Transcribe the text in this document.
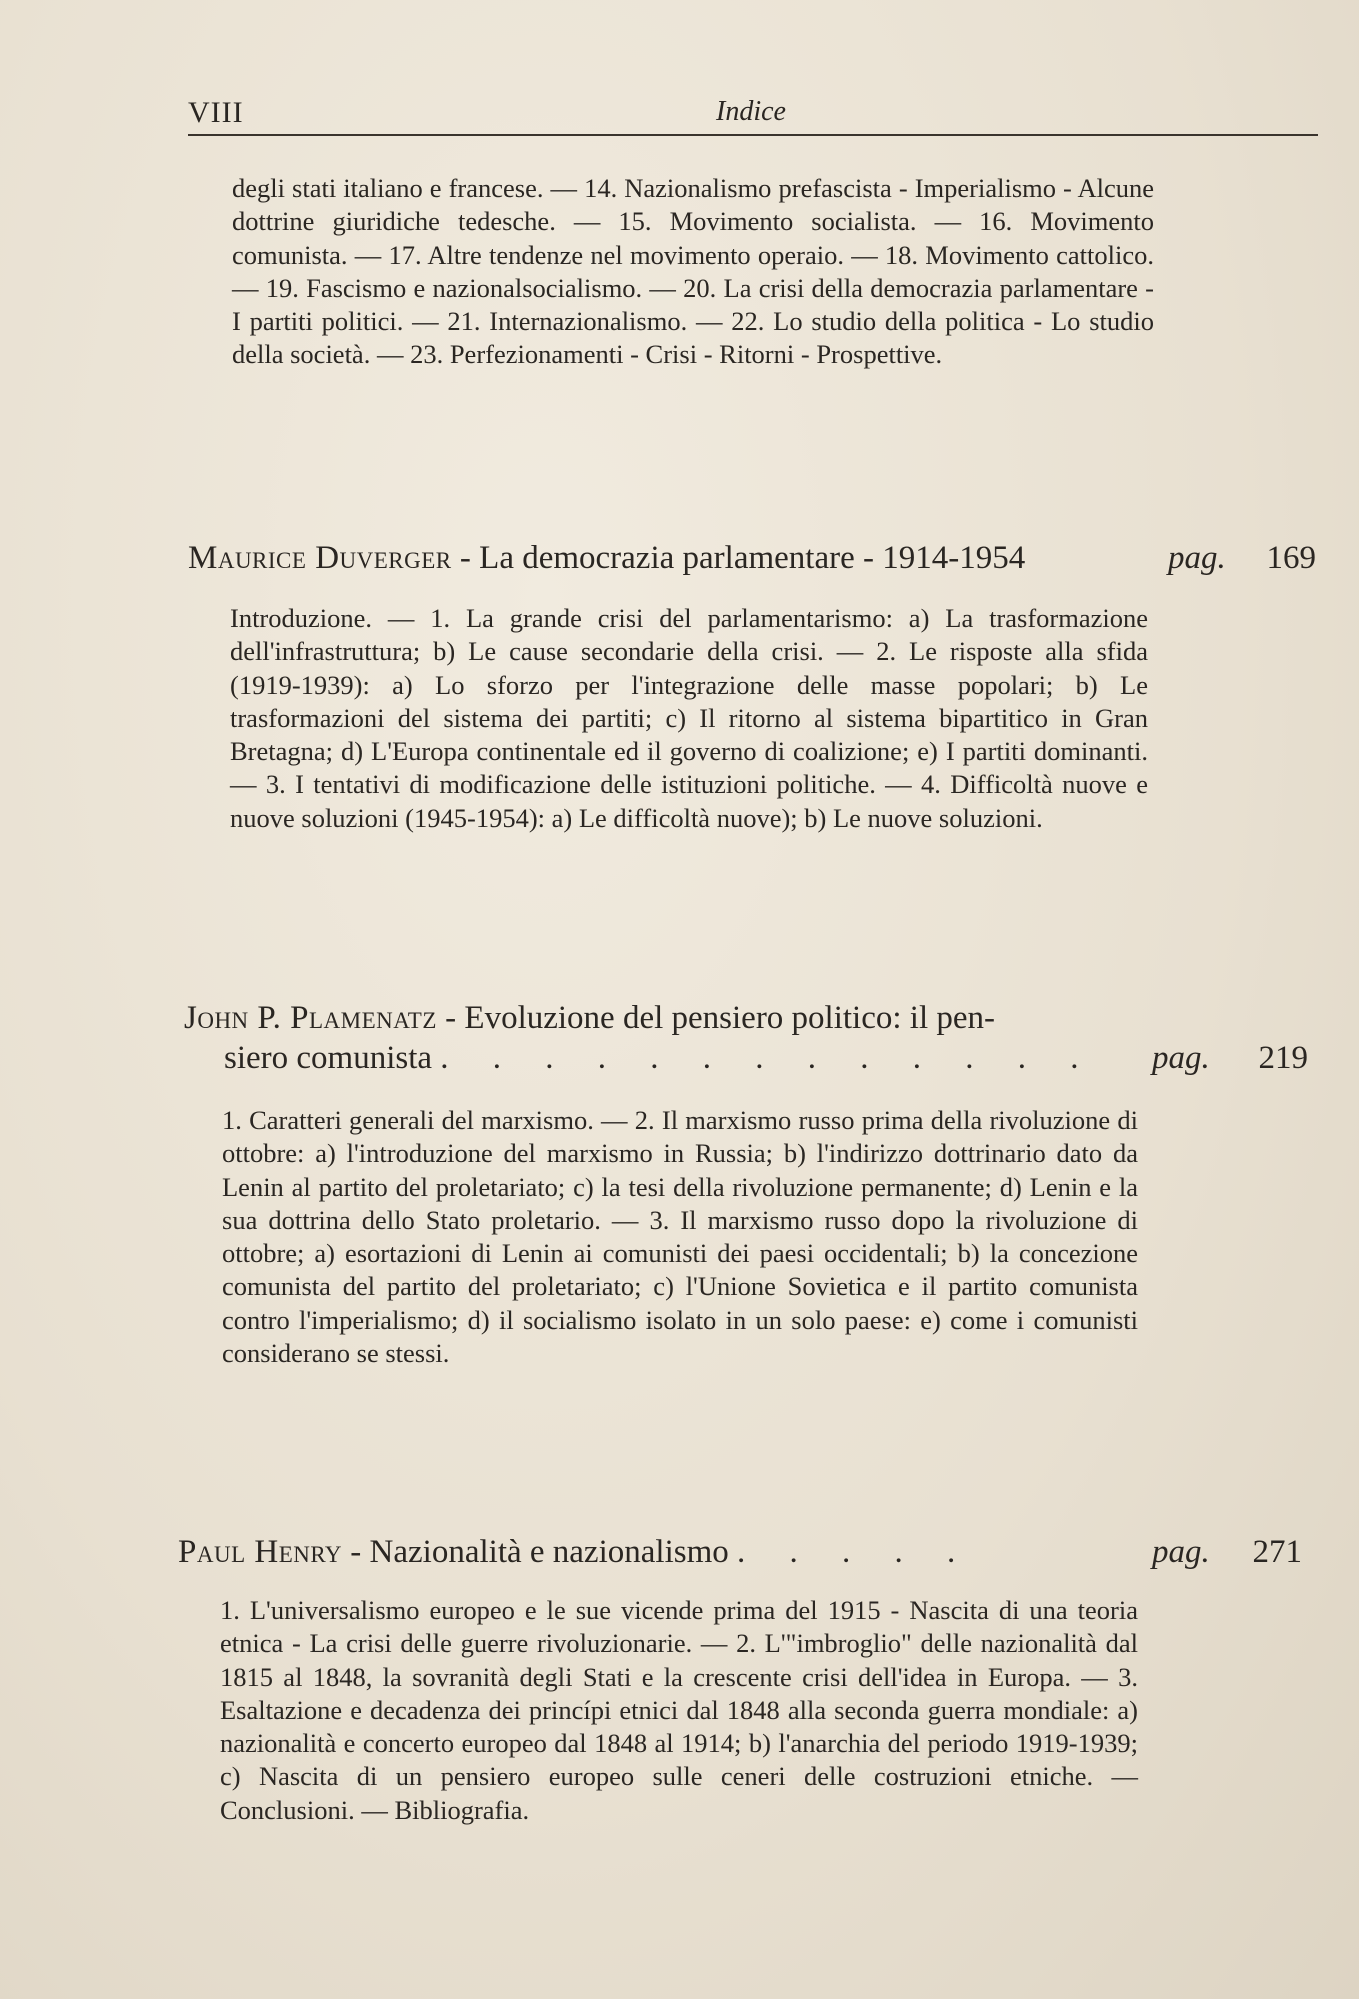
VIII	Indice

degli stati italiano e francese. — 14. Nazionalismo prefascista - Imperialismo - Alcune dottrine giuridiche tedesche. — 15. Movimento socialista. — 16. Movimento comunista. — 17. Altre tendenze nel movimento operaio. — 18. Movimento cattolico. — 19. Fascismo e nazionalsocialismo. — 20. La crisi della democrazia parlamentare - I partiti politici. — 21. Internazionalismo. — 22. Lo studio della politica - Lo studio della società. — 23. Perfezionamenti - Crisi - Ritorni - Prospettive.

Maurice Duverger - La democrazia parlamentare - 1914-1954	pag. 169

Introduzione. — 1. La grande crisi del parlamentarismo: a) La trasformazione dell'infrastruttura; b) Le cause secondarie della crisi. — 2. Le risposte alla sfida (1919-1939): a) Lo sforzo per l'integrazione delle masse popolari; b) Le trasformazioni del sistema dei partiti; c) Il ritorno al sistema bipartitico in Gran Bretagna; d) L'Europa continentale ed il governo di coalizione; e) I partiti dominanti. — 3. I tentativi di modificazione delle istituzioni politiche. — 4. Difficoltà nuove e nuove soluzioni (1945-1954): a) Le difficoltà nuove); b) Le nuove soluzioni.

John P. Plamenatz - Evoluzione del pensiero politico: il pen-
siero comunista . . . . . . . . . . . . . pag. 219

1. Caratteri generali del marxismo. — 2. Il marxismo russo prima della rivoluzione di ottobre: a) l'introduzione del marxismo in Russia; b) l'indirizzo dottrinario dato da Lenin al partito del proletariato; c) la tesi della rivoluzione permanente; d) Lenin e la sua dottrina dello Stato proletario. — 3. Il marxismo russo dopo la rivoluzione di ottobre; a) esortazioni di Lenin ai comunisti dei paesi occidentali; b) la concezione comunista del partito del proletariato; c) l'Unione Sovietica e il partito comunista contro l'imperialismo; d) il socialismo isolato in un solo paese: e) come i comunisti considerano se stessi.

Paul Henry - Nazionalità e nazionalismo . . . . .	pag. 271

1. L'universalismo europeo e le sue vicende prima del 1915 - Nascita di una teoria etnica - La crisi delle guerre rivoluzionarie. — 2. L'"imbroglio" delle nazionalità dal 1815 al 1848, la sovranità degli Stati e la crescente crisi dell'idea in Europa. — 3. Esaltazione e decadenza dei princípi etnici dal 1848 alla seconda guerra mondiale: a) nazionalità e concerto europeo dal 1848 al 1914; b) l'anarchia del periodo 1919-1939; c) Nascita di un pensiero europeo sulle ceneri delle costruzioni etniche. — Conclusioni. — Bibliografia.
